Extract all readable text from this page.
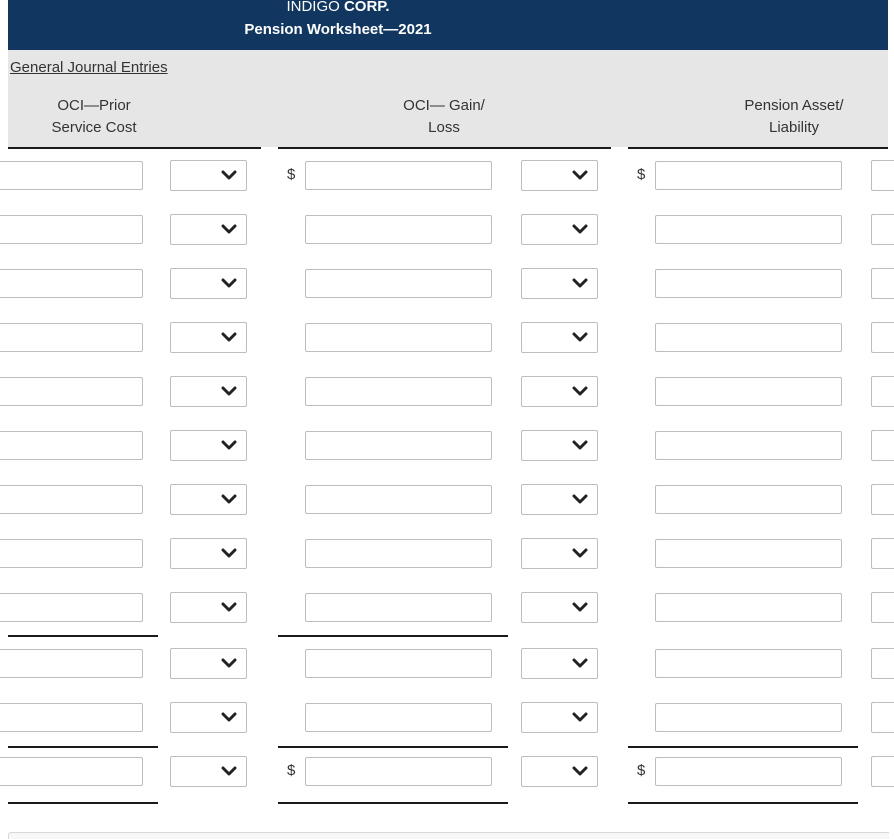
INDIGO CORP.
Pension Worksheet—2021
General Journal Entries
OCI—Prior
Service Cost
OCI— Gain/
Loss
Pension Asset/
Liability
$	$
$	$
